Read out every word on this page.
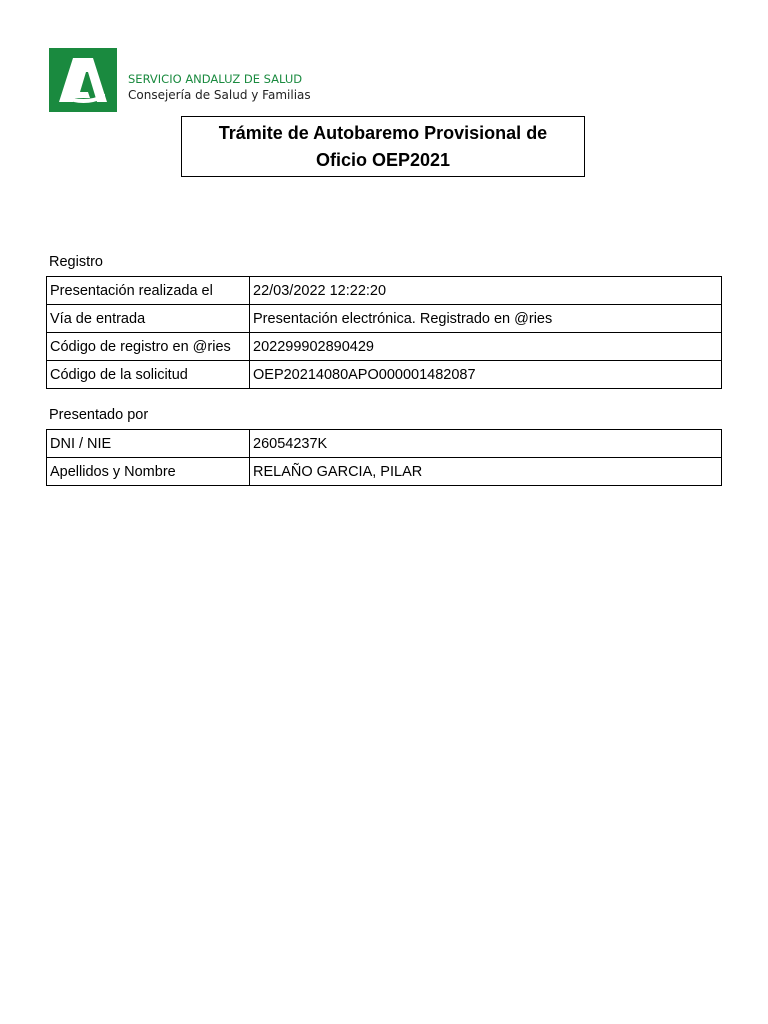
SERVICIO ANDALUZ DE SALUD
Consejería de Salud y Familias
Trámite de Autobaremo Provisional de
Oficio OEP2021
Registro
Presentación realizada el	22/03/2022 12:22:20
Vía de entrada	Presentación electrónica. Registrado en @ries
Código de registro en @ries	202299902890429
Código de la solicitud	OEP20214080APO000001482087
Presentado por
DNI / NIE	26054237K
Apellidos y Nombre	RELAÑO GARCIA, PILAR
